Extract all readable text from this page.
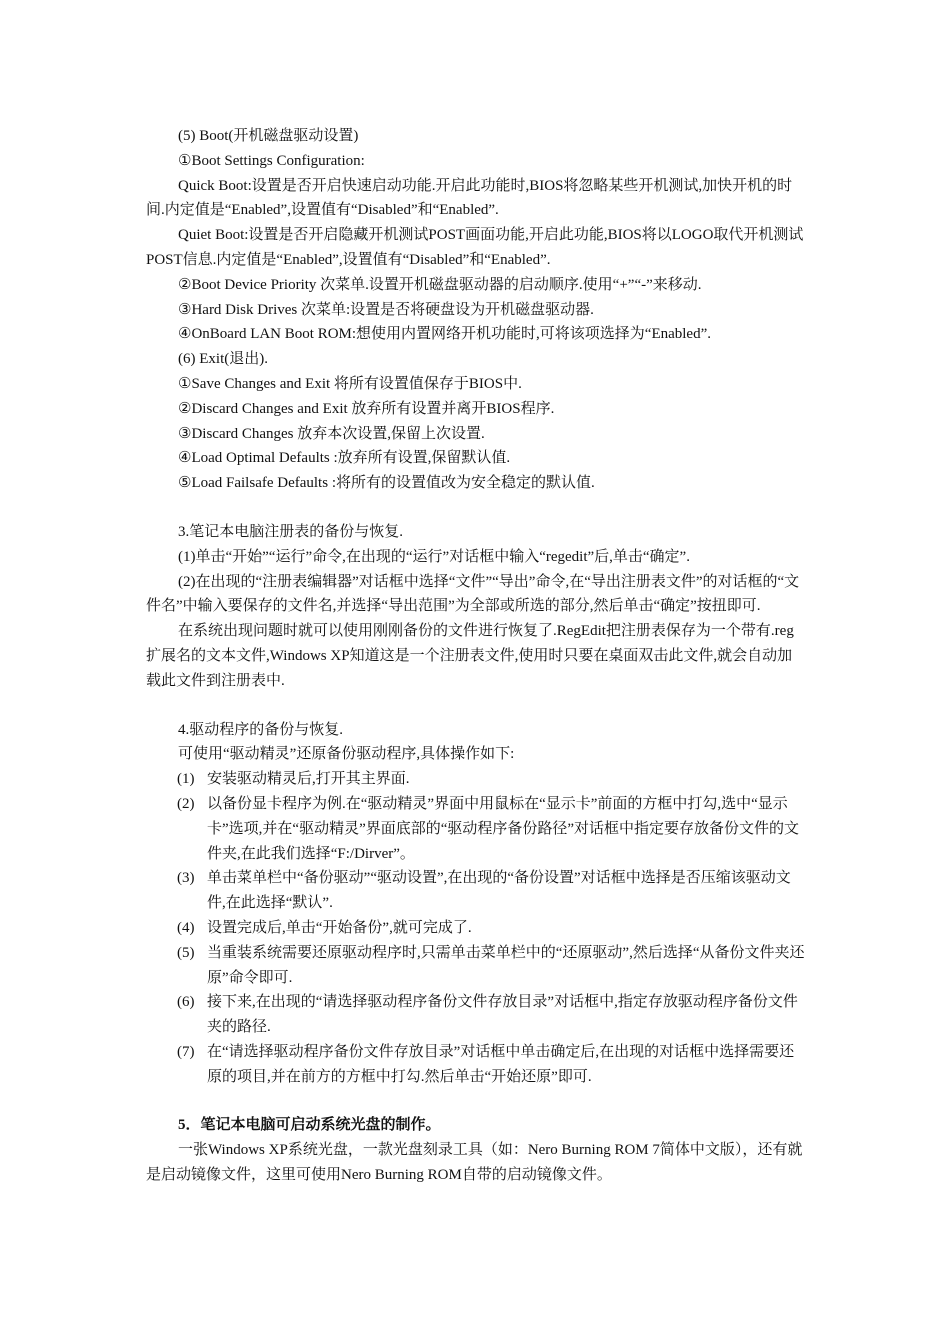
(5) Boot(开机磁盘驱动设置)

①Boot Settings Configuration:

Quick Boot:设置是否开启快速启动功能.开启此功能时,BIOS将忽略某些开机测试,加快开机的时间.内定值是“Enabled”,设置值有“Disabled”和“Enabled”.

Quiet Boot:设置是否开启隐藏开机测试POST画面功能,开启此功能,BIOS将以LOGO取代开机测试POST信息.内定值是“Enabled”,设置值有“Disabled”和“Enabled”.

②Boot Device Priority 次菜单.设置开机磁盘驱动器的启动顺序.使用“+”“-”来移动.

③Hard Disk Drives 次菜单:设置是否将硬盘设为开机磁盘驱动器.

④OnBoard LAN Boot ROM:想使用内置网络开机功能时,可将该项选择为“Enabled”.

(6) Exit(退出).

①Save Changes and Exit 将所有设置值保存于BIOS中.

②Discard Changes and Exit 放弃所有设置并离开BIOS程序.

③Discard Changes 放弃本次设置,保留上次设置.

④Load Optimal Defaults :放弃所有设置,保留默认值.

⑤Load Failsafe Defaults :将所有的设置值改为安全稳定的默认值.

3.笔记本电脑注册表的备份与恢复.

(1)单击“开始”“运行”命令,在出现的“运行”对话框中输入“regedit”后,单击“确定”.

(2)在出现的“注册表编辑器”对话框中选择“文件”“导出”命令,在“导出注册表文件”的对话框的“文件名”中输入要保存的文件名,并选择“导出范围”为全部或所选的部分,然后单击“确定”按扭即可.

在系统出现问题时就可以使用刚刚备份的文件进行恢复了.RegEdit把注册表保存为一个带有.reg扩展名的文本文件,Windows XP知道这是一个注册表文件,使用时只要在桌面双击此文件,就会自动加载此文件到注册表中.

4.驱动程序的备份与恢复.

可使用“驱动精灵”还原备份驱动程序,具体操作如下:

(1) 安装驱动精灵后,打开其主界面.
(2) 以备份显卡程序为例.在“驱动精灵”界面中用鼠标在“显示卡”前面的方框中打勾,选中“显示卡”选项,并在“驱动精灵”界面底部的“驱动程序备份路径”对话框中指定要存放备份文件的文件夹,在此我们选择“F:/Dirver”。
(3) 单击菜单栏中“备份驱动”“驱动设置”,在出现的“备份设置”对话框中选择是否压缩该驱动文件,在此选择“默认”.
(4) 设置完成后,单击“开始备份”,就可完成了.
(5) 当重装系统需要还原驱动程序时,只需单击菜单栏中的“还原驱动”,然后选择“从备份文件夹还原”命令即可.
(6) 接下来,在出现的“请选择驱动程序备份文件存放目录”对话框中,指定存放驱动程序备份文件夹的路径.
(7) 在“请选择驱动程序备份文件存放目录”对话框中单击确定后,在出现的对话框中选择需要还原的项目,并在前方的方框中打勾.然后单击“开始还原”即可.

5．笔记本电脑可启动系统光盘的制作。

一张Windows XP系统光盘，一款光盘刻录工具（如：Nero Burning ROM 7简体中文版），还有就是启动镜像文件，这里可使用Nero Burning ROM自带的启动镜像文件。
